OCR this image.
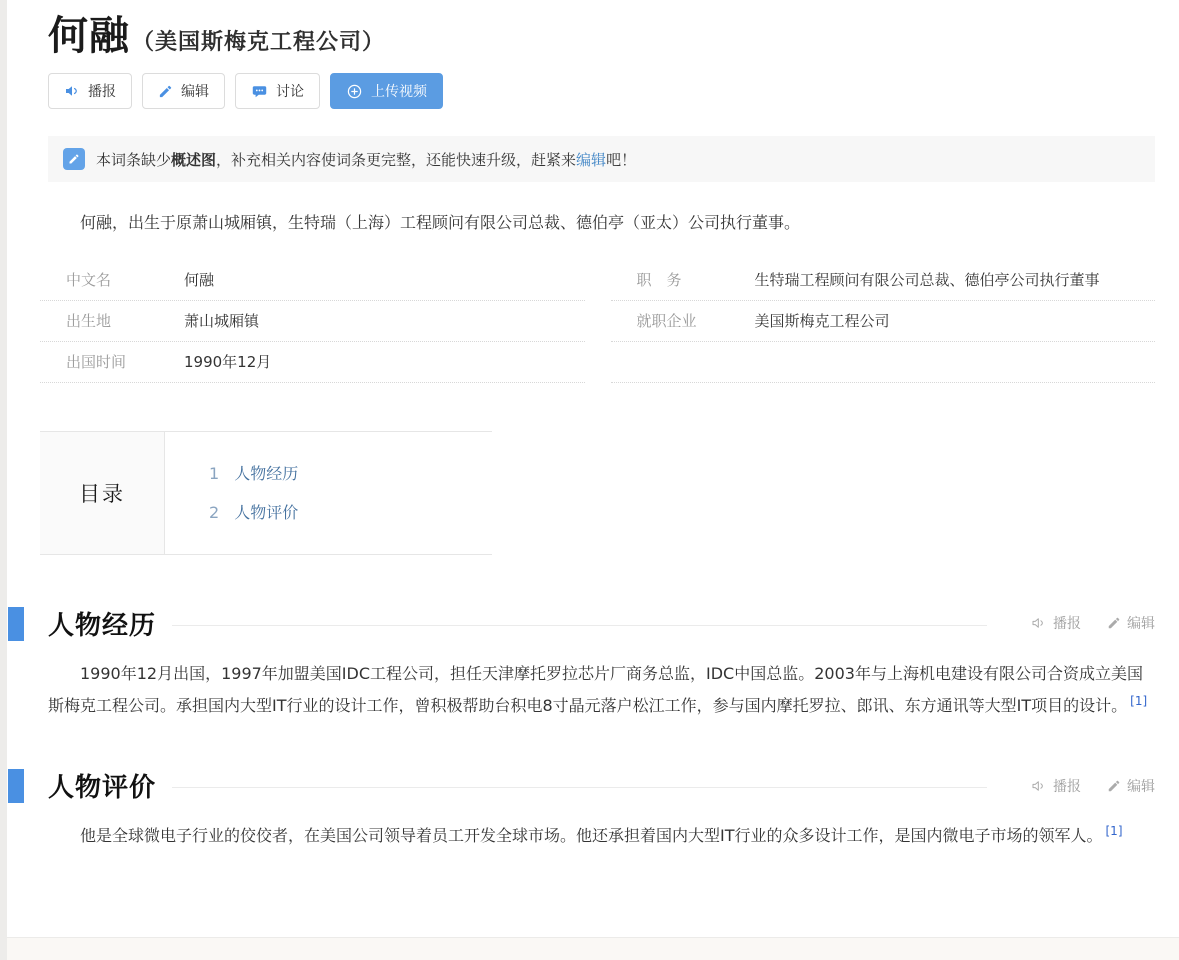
何融（美国斯梅克工程公司）
播报	编辑	讨论	上传视频
本词条缺少概述图，补充相关内容使词条更完整，还能快速升级，赶紧来编辑吧！

何融，出生于原萧山城厢镇，生特瑞（上海）工程顾问有限公司总裁、德伯亭（亚太）公司执行董事。

中文名	何融	职　务	生特瑞工程顾问有限公司总裁、德伯亭公司执行董事
出生地	萧山城厢镇	就职企业	美国斯梅克工程公司
出国时间	1990年12月
目录
1 人物经历
2 人物评价
人物经历	播报	编辑

1990年12月出国，1997年加盟美国IDC工程公司，担任天津摩托罗拉芯片厂商务总监，IDC中国总监。2003年与上海机电建设有限公司合资成立美国斯梅克工程公司。承担国内大型IT行业的设计工作，曾积极帮助台积电8寸晶元落户松江工作，参与国内摩托罗拉、郎讯、东方通讯等大型IT项目的设计。 [1]

人物评价	播报	编辑

他是全球微电子行业的佼佼者，在美国公司领导着员工开发全球市场。他还承担着国内大型IT行业的众多设计工作，是国内微电子市场的领军人。 [1]
